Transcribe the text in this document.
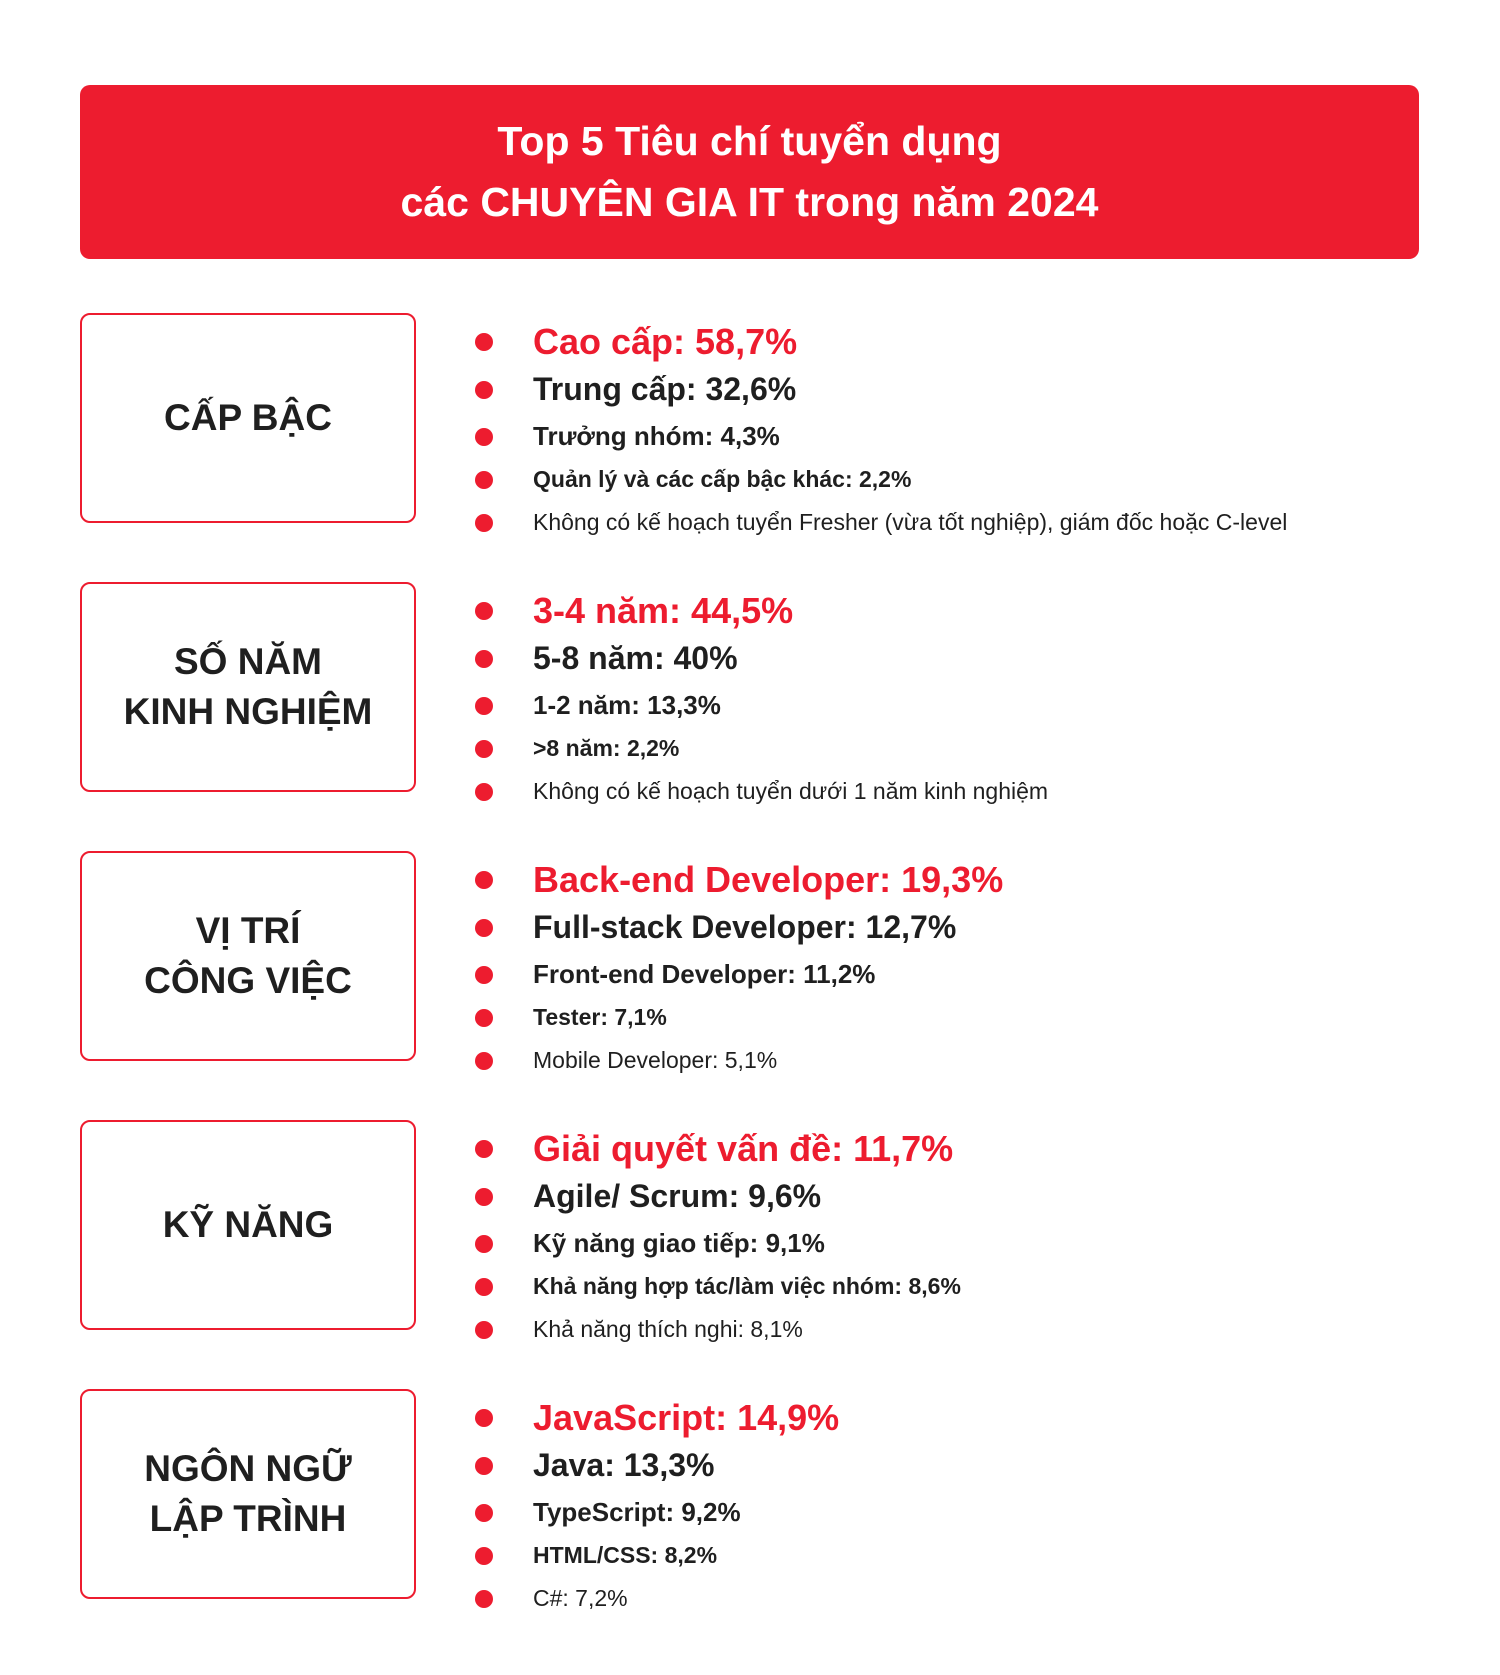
Top 5 Tiêu chí tuyển dụng
các CHUYÊN GIA IT trong năm 2024
CẤP BẬC
Cao cấp: 58,7%
Trung cấp: 32,6%
Trưởng nhóm: 4,3%
Quản lý và các cấp bậc khác: 2,2%
Không có kế hoạch tuyển Fresher (vừa tốt nghiệp), giám đốc hoặc C-level
SỐ NĂM
KINH NGHIỆM
3-4 năm: 44,5%
5-8 năm: 40%
1-2 năm: 13,3%
>8 năm: 2,2%
Không có kế hoạch tuyển dưới 1 năm kinh nghiệm
VỊ TRÍ
CÔNG VIỆC
Back-end Developer: 19,3%
Full-stack Developer: 12,7%
Front-end Developer: 11,2%
Tester: 7,1%
Mobile Developer: 5,1%
KỸ NĂNG
Giải quyết vấn đề: 11,7%
Agile/ Scrum: 9,6%
Kỹ năng giao tiếp: 9,1%
Khả năng hợp tác/làm việc nhóm: 8,6%
Khả năng thích nghi: 8,1%
NGÔN NGỮ
LẬP TRÌNH
JavaScript: 14,9%
Java: 13,3%
TypeScript: 9,2%
HTML/CSS: 8,2%
C#: 7,2%
